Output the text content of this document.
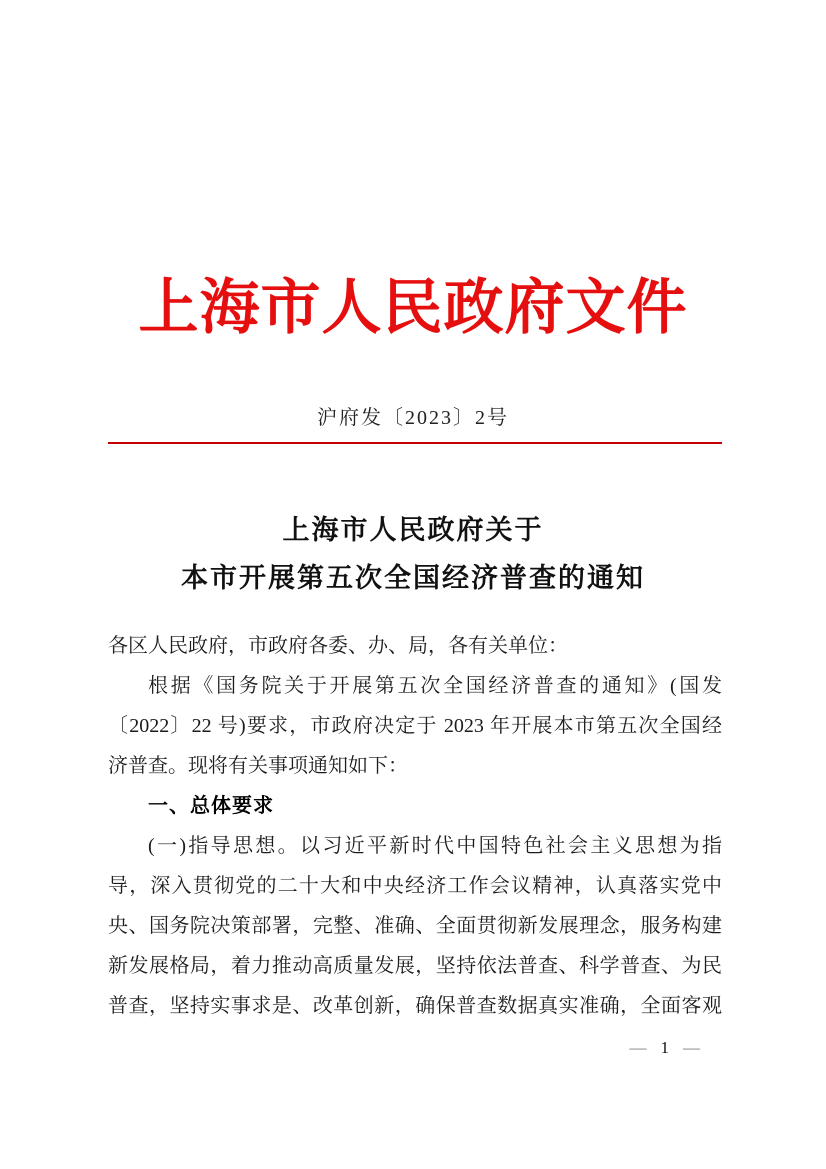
上海市人民政府文件
沪府发〔2023〕2号
上海市人民政府关于
本市开展第五次全国经济普查的通知
各区人民政府，市政府各委、办、局，各有关单位：
根据《国务院关于开展第五次全国经济普查的通知》(国发
〔2022〕22 号)要求，市政府决定于 2023 年开展本市第五次全国经
济普查。现将有关事项通知如下：
一、总体要求
(一)指导思想。以习近平新时代中国特色社会主义思想为指
导，深入贯彻党的二十大和中央经济工作会议精神，认真落实党中
央、国务院决策部署，完整、准确、全面贯彻新发展理念，服务构建
新发展格局，着力推动高质量发展，坚持依法普查、科学普查、为民
普查，坚持实事求是、改革创新，确保普查数据真实准确，全面客观
— 1 —
